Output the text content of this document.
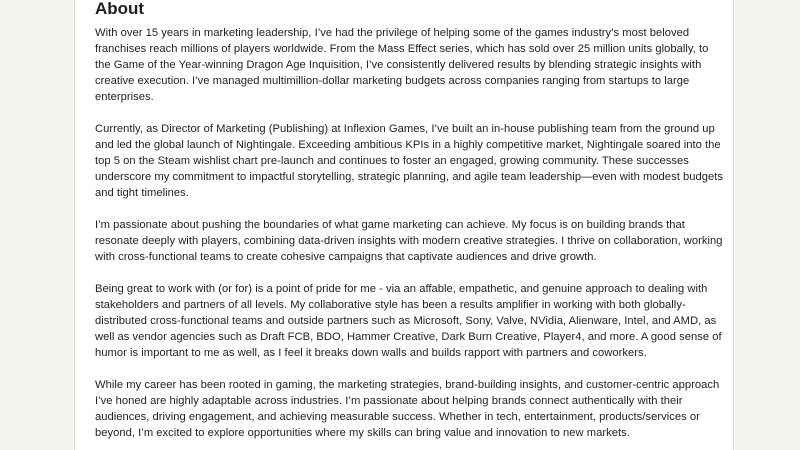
About

With over 15 years in marketing leadership, I’ve had the privilege of helping some of the games industry’s most beloved franchises reach millions of players worldwide. From the Mass Effect series, which has sold over 25 million units globally, to the Game of the Year-winning Dragon Age Inquisition, I’ve consistently delivered results by blending strategic insights with creative execution. I’ve managed multimillion-dollar marketing budgets across companies ranging from startups to large enterprises.

Currently, as Director of Marketing (Publishing) at Inflexion Games, I’ve built an in-house publishing team from the ground up and led the global launch of Nightingale. Exceeding ambitious KPIs in a highly competitive market, Nightingale soared into the top 5 on the Steam wishlist chart pre-launch and continues to foster an engaged, growing community. These successes underscore my commitment to impactful storytelling, strategic planning, and agile team leadership—even with modest budgets and tight timelines.

I’m passionate about pushing the boundaries of what game marketing can achieve. My focus is on building brands that resonate deeply with players, combining data-driven insights with modern creative strategies. I thrive on collaboration, working with cross-functional teams to create cohesive campaigns that captivate audiences and drive growth.

Being great to work with (or for) is a point of pride for me - via an affable, empathetic, and genuine approach to dealing with stakeholders and partners of all levels. My collaborative style has been a results amplifier in working with both globally-distributed cross-functional teams and outside partners such as Microsoft, Sony, Valve, NVidia, Alienware, Intel, and AMD, as well as vendor agencies such as Draft FCB, BDO, Hammer Creative, Dark Burn Creative, Player4, and more. A good sense of humor is important to me as well, as I feel it breaks down walls and builds rapport with partners and coworkers.

While my career has been rooted in gaming, the marketing strategies, brand-building insights, and customer-centric approach I’ve honed are highly adaptable across industries. I’m passionate about helping brands connect authentically with their audiences, driving engagement, and achieving measurable success. Whether in tech, entertainment, products/services or beyond, I’m excited to explore opportunities where my skills can bring value and innovation to new markets.
